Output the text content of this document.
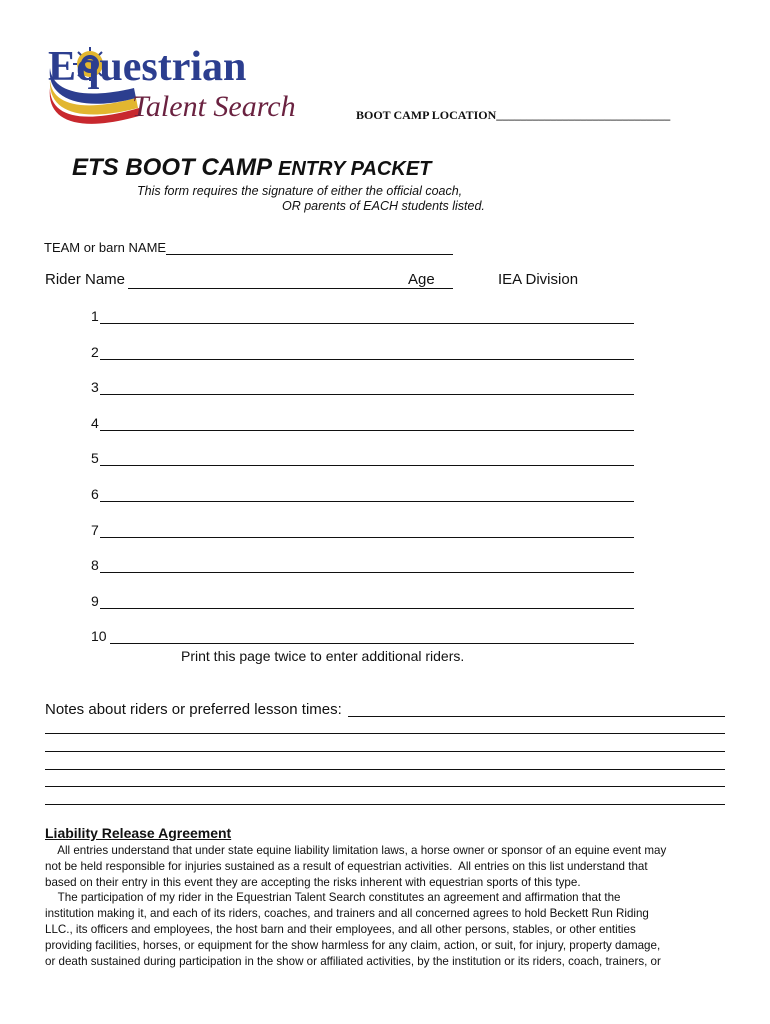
Equestrian
Talent Search	BOOT CAMP LOCATION_____________________________
ETS BOOT CAMP ENTRY PACKET
This form requires the signature of either the official coach,
OR parents of EACH students listed.
TEAM or barn NAME
Rider Name	Age	IEA Division
1
2
3
4
5
6
7
8
9
10
Print this page twice to enter additional riders.
Notes about riders or preferred lesson times:
Liability Release Agreement

All entries understand that under state equine liability limitation laws, a horse owner or sponsor of an equine event may

not be held responsible for injuries sustained as a result of equestrian activities.  All entries on this list understand that

based on their entry in this event they are accepting the risks inherent with equestrian sports of this type.

The participation of my rider in the Equestrian Talent Search constitutes an agreement and affirmation that the

institution making it, and each of its riders, coaches, and trainers and all concerned agrees to hold Beckett Run Riding

LLC., its officers and employees, the host barn and their employees, and all other persons, stables, or other entities

providing facilities, horses, or equipment for the show harmless for any claim, action, or suit, for injury, property damage,

or death sustained during participation in the show or affiliated activities, by the institution or its riders, coach, trainers, or
